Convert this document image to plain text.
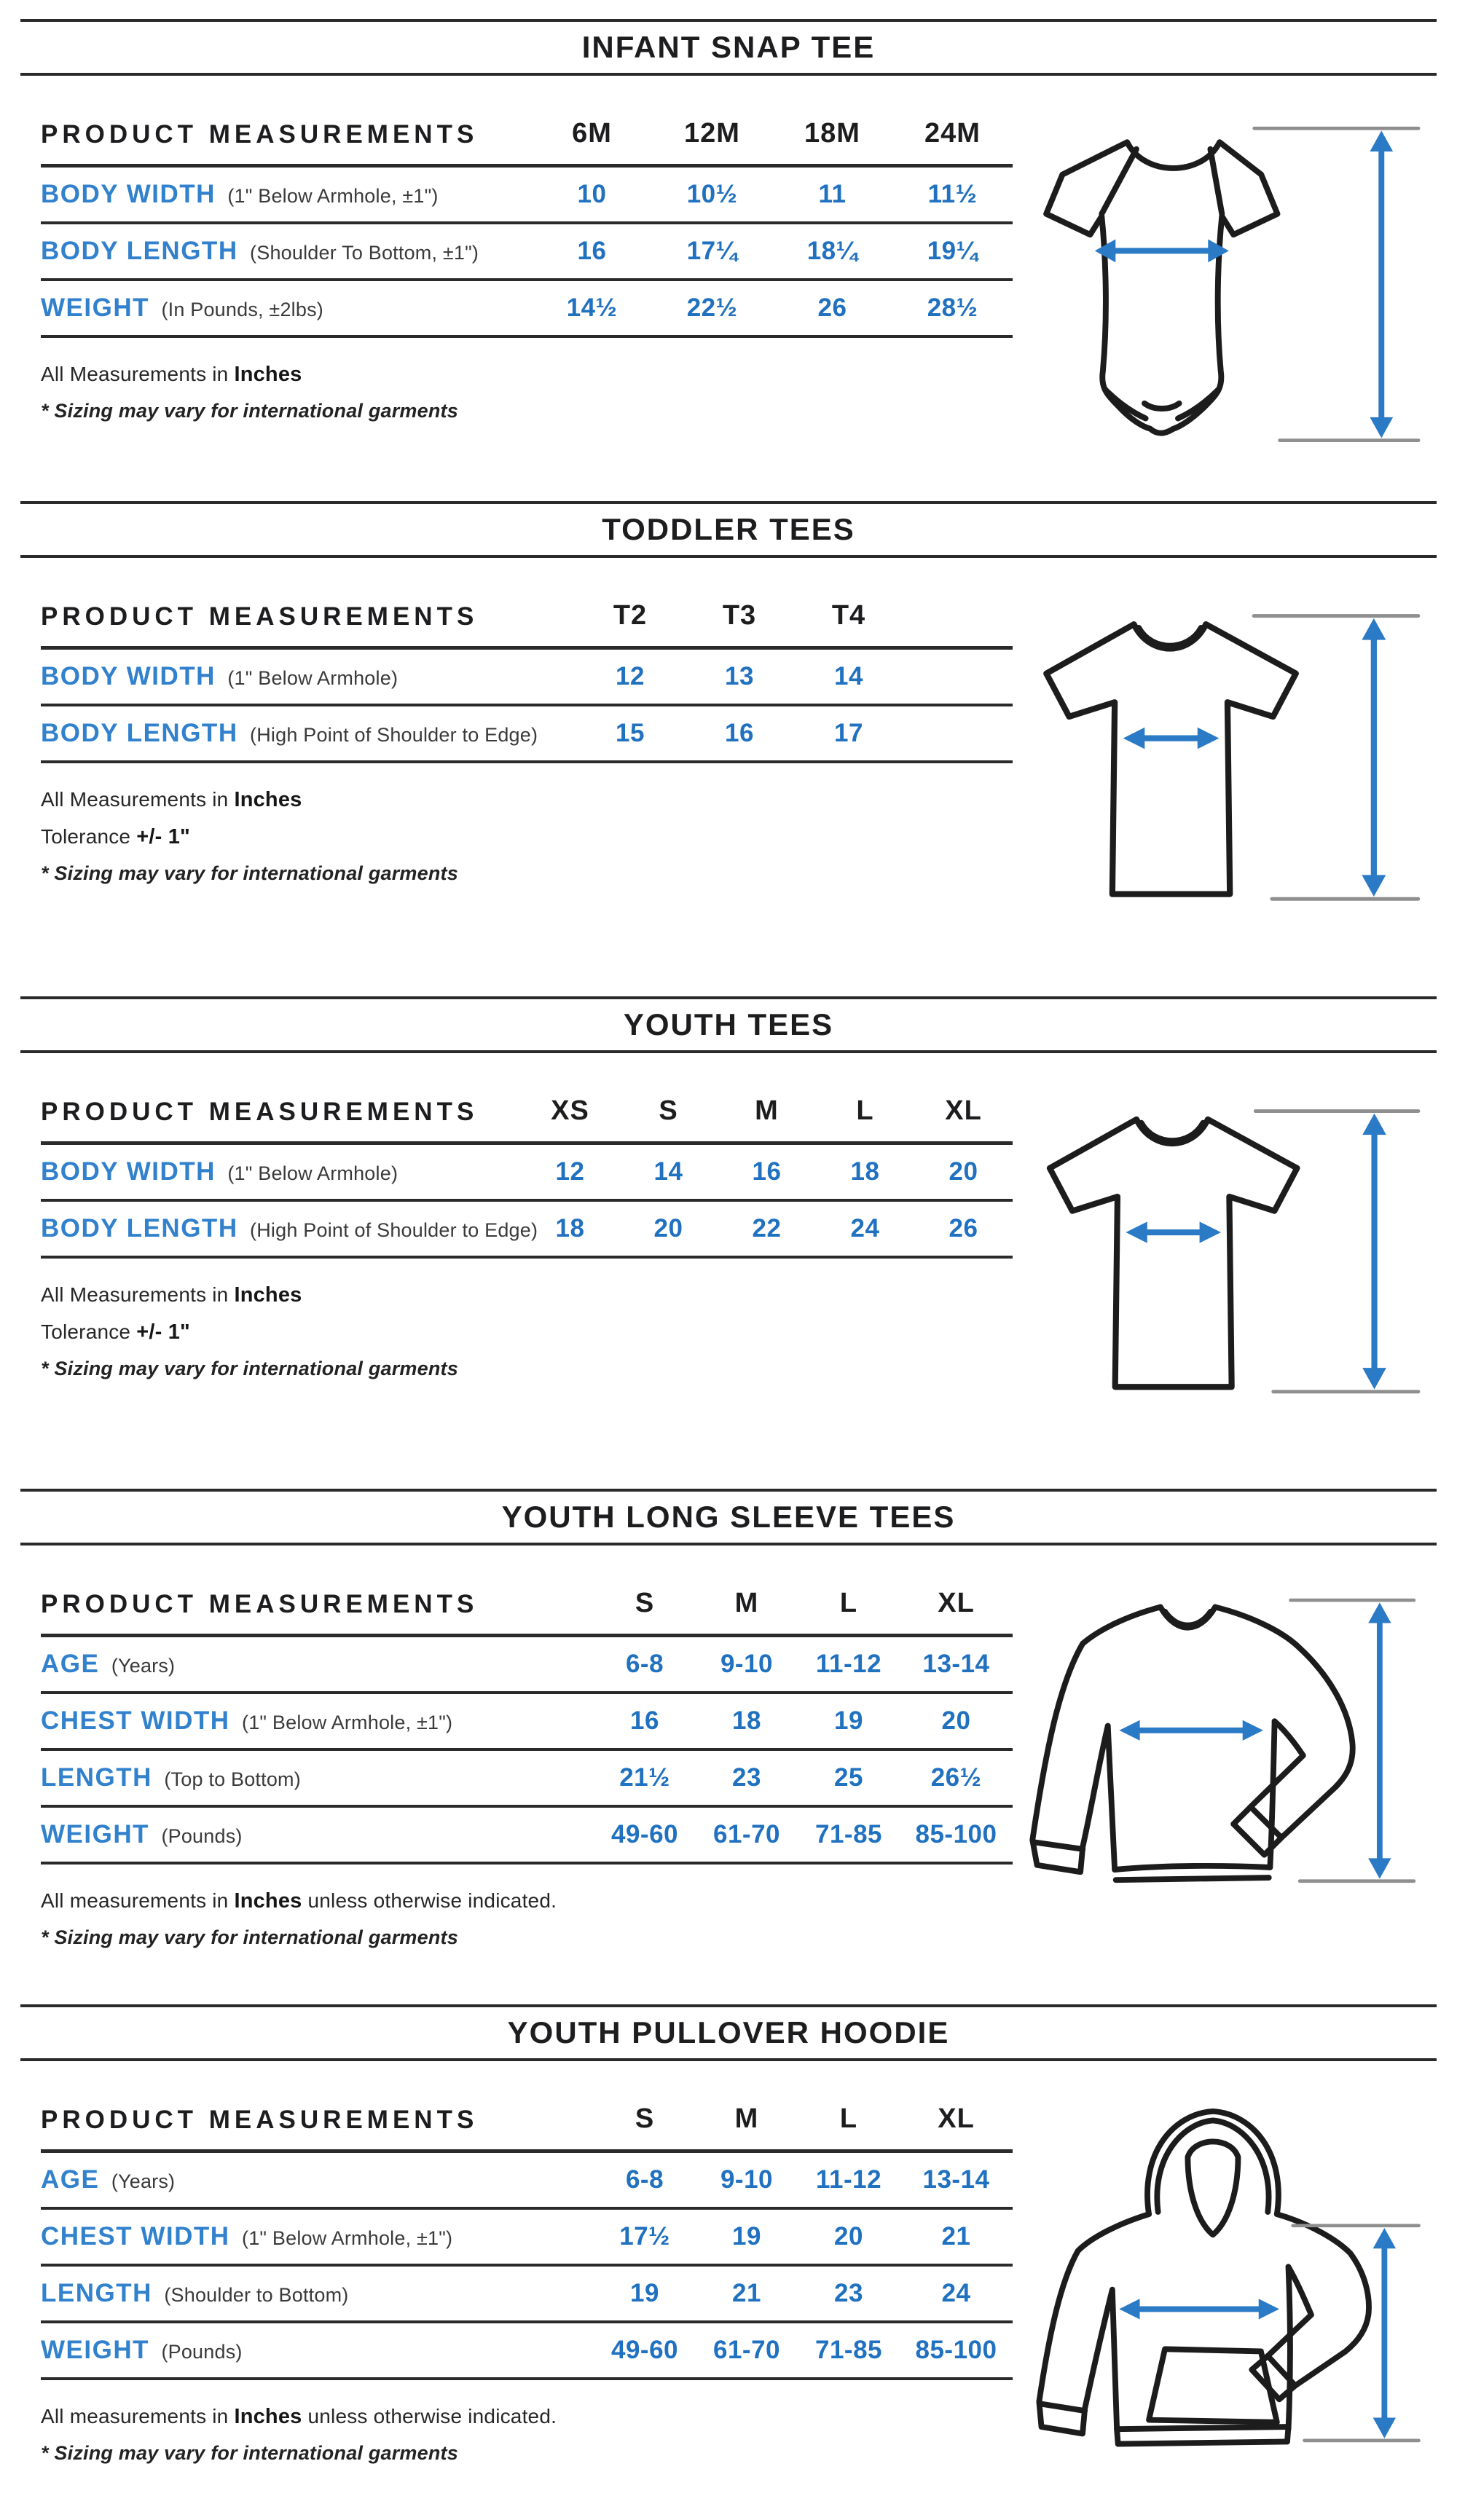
INFANT SNAP TEE
PRODUCT MEASUREMENTS	6M	12M	18M	24M
BODY WIDTH (1" Below Armhole, ±1")	10	10½	11	11½
BODY LENGTH (Shoulder To Bottom, ±1")	16	17¼	18¼	19¼
WEIGHT (In Pounds, ±2lbs)	14½	22½	26	28½

All Measurements in Inches

* Sizing may vary for international garments

TODDLER TEES
PRODUCT MEASUREMENTS	T2	T3	T4	
BODY WIDTH (1" Below Armhole)	12	13	14	
BODY LENGTH (High Point of Shoulder to Edge)	15	16	17	

All Measurements in Inches

Tolerance +/- 1"

* Sizing may vary for international garments

YOUTH TEES
PRODUCT MEASUREMENTS	XS	S	M	L	XL
BODY WIDTH (1" Below Armhole)	12	14	16	18	20
BODY LENGTH (High Point of Shoulder to Edge)	18	20	22	24	26

All Measurements in Inches

Tolerance +/- 1"

* Sizing may vary for international garments

YOUTH LONG SLEEVE TEES
PRODUCT MEASUREMENTS	S	M	L	XL
AGE (Years)	6-8	9-10	11-12	13-14
CHEST WIDTH (1" Below Armhole, ±1")	16	18	19	20
LENGTH (Top to Bottom)	21½	23	25	26½
WEIGHT (Pounds)	49-60	61-70	71-85	85-100

All measurements in Inches unless otherwise indicated.

* Sizing may vary for international garments

YOUTH PULLOVER HOODIE
PRODUCT MEASUREMENTS	S	M	L	XL
AGE (Years)	6-8	9-10	11-12	13-14
CHEST WIDTH (1" Below Armhole, ±1")	17½	19	20	21
LENGTH (Shoulder to Bottom)	19	21	23	24
WEIGHT (Pounds)	49-60	61-70	71-85	85-100

All measurements in Inches unless otherwise indicated.

* Sizing may vary for international garments
